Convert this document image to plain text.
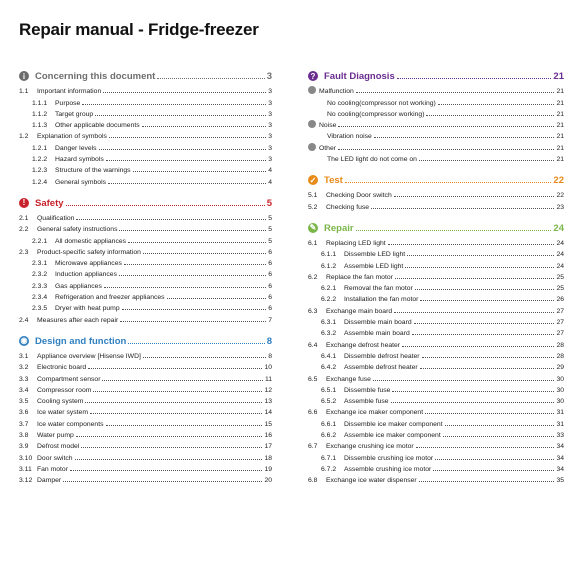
Repair manual - Fridge-freezer
i	Concerning this document	3
1.1	Important information	3
1.1.1	Purpose	3
1.1.2	Target group	3
1.1.3	Other applicable documents	3
1.2	Explanation of symbols	3
1.2.1	Danger levels	3
1.2.2	Hazard symbols	3
1.2.3	Structure of the warnings	4
1.2.4	General symbols	4
!	Safety	5
2.1	Qualification	5
2.2	General safety instructions	5
2.2.1	All domestic appliances	5
2.3	Product-specific safety information	6
2.3.1	Microwave appliances	6
2.3.2	Induction appliances	6
2.3.3	Gas appliances	6
2.3.4	Refrigeration and freezer appliances	6
2.3.5	Dryer with heat pump	6
2.4	Measures after each repair	7
◉ Design and function	8
3.1	Appliance overview [Hisense IWD]	8
3.2	Electronic board	10
3.3	Compartment sensor	11
3.4	Compressor room	12
3.5	Cooling system	13
3.6	Ice water system	14
3.7	Ice water components	15
3.8	Water pump	16
3.9	Defrost model	17
3.10 Door switch	18
3.11 Fan motor	19
3.12 Damper	20
? Fault Diagnosis	21
Malfunction	21
No cooling(compressor not working)	21
No cooling(compressor working)	21
Noise	21
Vibration noise	21
Other	21
The LED light do not come on	21
✓ Test	22
5.1	Checking Door switch	22
5.2	Checking fuse	23
✎ Repair	24
6.1	Replacing LED light	24
6.1.1	Dissemble LED light	24
6.1.2	Assemble LED light	24
6.2	Replace the fan motor	25
6.2.1	Removal the fan motor	25
6.2.2	Installation the fan motor	26
6.3	Exchange main board	27
6.3.1	Dissemble main board	27
6.3.2	Assemble main board	27
6.4	Exchange defrost heater	28
6.4.1	Dissemble defrost heater	28
6.4.2	Assemble defrost heater	29
6.5	Exchange fuse	30
6.5.1	Dissemble fuse	30
6.5.2	Assemble fuse	30
6.6	Exchange ice maker component	31
6.6.1	Dissemble ice maker component	31
6.6.2	Assemble ice maker component	33
6.7	Exchange crushing ice motor	34
6.7.1	Dissemble crushing ice motor	34
6.7.2	Assemble crushing ice motor	34
6.8	Exchange ice water dispenser	35
